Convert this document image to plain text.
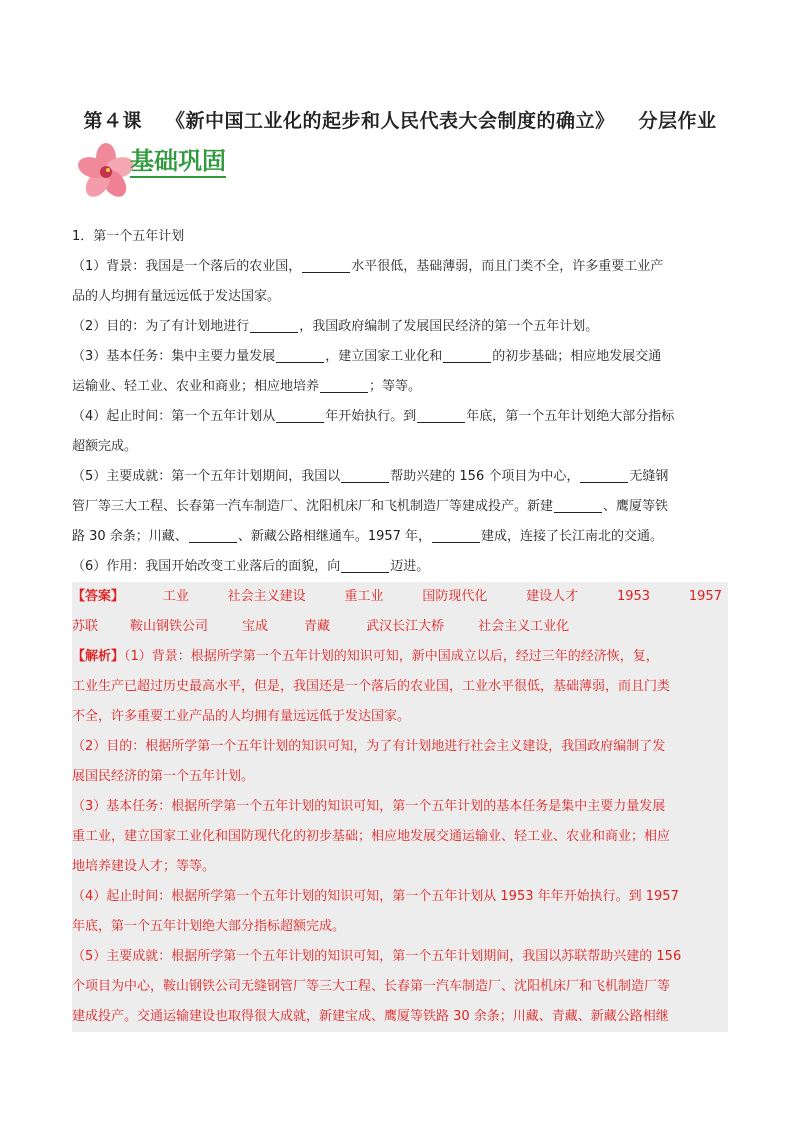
第４课 《新中国工业化的起步和人民代表大会制度的确立》 分层作业
基础巩固
1．第一个五年计划
（1）背景：我国是一个落后的农业国，	水平很低，基础薄弱，而且门类不全，许多重要工业产
品的人均拥有量远远低于发达国家。
（2）目的：为了有计划地进行	，我国政府编制了发展国民经济的第一个五年计划。
（3）基本任务：集中主要力量发展	，建立国家工业化和	的初步基础；相应地发展交通
运输业、轻工业、农业和商业；相应地培养	；等等。
（4）起止时间：第一个五年计划从	年开始执行。到	年底，第一个五年计划绝大部分指标
超额完成。
（5）主要成就：第一个五年计划期间，我国以	帮助兴建的 156 个项目为中心，	无缝钢
管厂等三大工程、长春第一汽车制造厂、沈阳机床厂和飞机制造厂等建成投产。新建	、鹰厦等铁
路 30 余条；川藏、	、新藏公路相继通车。1957 年，	建成，连接了长江南北的交通。
（6）作用：我国开始改变工业落后的面貌，向	迈进。
【答案】	工业	社会主义建设	重工业	国防现代化	建设人才	1953	1957
苏联 鞍山钢铁公司	宝成	青藏	武汉长江大桥	社会主义工业化
【解析】（1）背景：根据所学第一个五年计划的知识可知，新中国成立以后，经过三年的经济恢，复，
工业生产已超过历史最高水平，但是，我国还是一个落后的农业国，工业水平很低，基础薄弱，而且门类
不全，许多重要工业产品的人均拥有量远远低于发达国家。
（2）目的：根据所学第一个五年计划的知识可知，为了有计划地进行社会主义建设，我国政府编制了发
展国民经济的第一个五年计划。
（3）基本任务：根据所学第一个五年计划的知识可知，第一个五年计划的基本任务是集中主要力量发展
重工业，建立国家工业化和国防现代化的初步基础；相应地发展交通运输业、轻工业、农业和商业；相应
地培养建设人才；等等。
（4）起止时间：根据所学第一个五年计划的知识可知，第一个五年计划从 1953 年年开始执行。到 1957
年底，第一个五年计划绝大部分指标超额完成。
（5）主要成就：根据所学第一个五年计划的知识可知，第一个五年计划期间，我国以苏联帮助兴建的 156
个项目为中心，鞍山钢铁公司无缝钢管厂等三大工程、长春第一汽车制造厂、沈阳机床厂和飞机制造厂等
建成投产。交通运输建设也取得很大成就，新建宝成、鹰厦等铁路 30 余条；川藏、青藏、新藏公路相继
